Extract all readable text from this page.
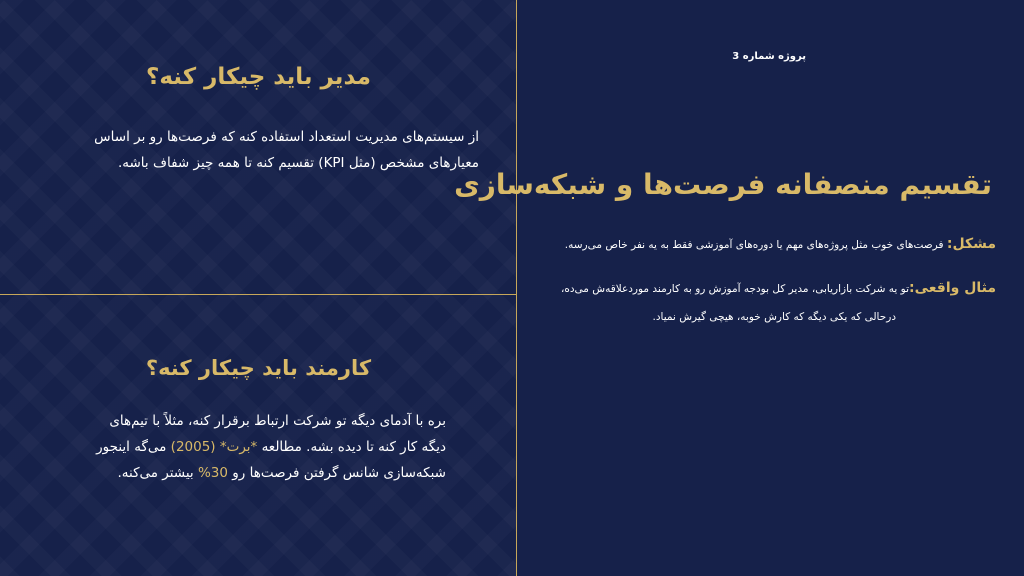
مدیر باید چیکار کنه؟
از سیستم‌های مدیریت استعداد استفاده کنه که فرصت‌ها رو بر اساس
معیارهای مشخص (مثل KPI) تقسیم کنه تا همه چیز شفاف باشه.
کارمند باید چیکار کنه؟
بره با آدمای دیگه تو شرکت ارتباط برقرار کنه، مثلاً با تیم‌های
دیگه کار کنه تا دیده بشه. مطالعه *برت* (2005) می‌گه اینجور
شبکه‌سازی شانس گرفتن فرصت‌ها رو 30% بیشتر می‌کنه.
پروژه شماره 3
تقسیم منصفانه فرصت‌ها و شبکه‌سازی
مشکل: فرصت‌های خوب مثل پروژه‌های مهم یا دوره‌های آموزشی فقط به یه نفر خاص می‌رسه.
مثال واقعی:تو یه شرکت بازاریابی، مدیر کل بودجه آموزش رو به کارمند موردعلاقه‌ش می‌ده،
درحالی که یکی دیگه که کارش خوبه، هیچی گیرش نمیاد.
